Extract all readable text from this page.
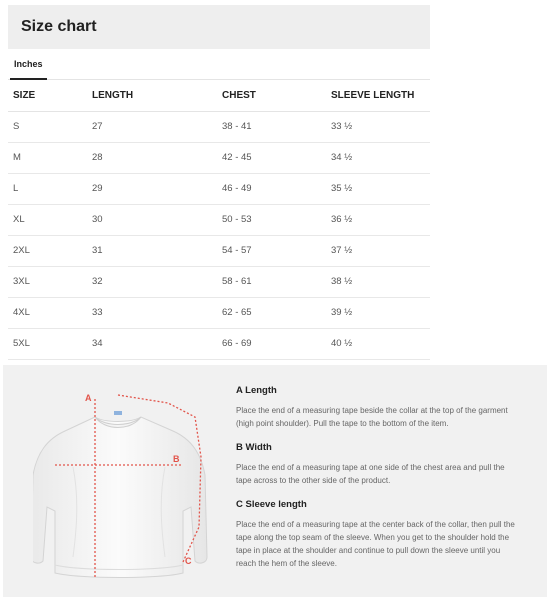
Size chart
Inches
SIZE	LENGTH	CHEST	SLEEVE LENGTH
S	27	38 - 41	33 ½
M	28	42 - 45	34 ½
L	29	46 - 49	35 ½
XL	30	50 - 53	36 ½
2XL	31	54 - 57	37 ½
3XL	32	58 - 61	38 ½
4XL	33	62 - 65	39 ½
5XL	34	66 - 69	40 ½
A
B
C
A Length

Place the end of a measuring tape beside the collar at the top of the garment (high point shoulder). Pull the tape to the bottom of the item.

B Width

Place the end of a measuring tape at one side of the chest area and pull the tape across to the other side of the product.

C Sleeve length

Place the end of a measuring tape at the center back of the collar, then pull the tape along the top seam of the sleeve. When you get to the shoulder hold the tape in place at the shoulder and continue to pull down the sleeve until you reach the hem of the sleeve.
